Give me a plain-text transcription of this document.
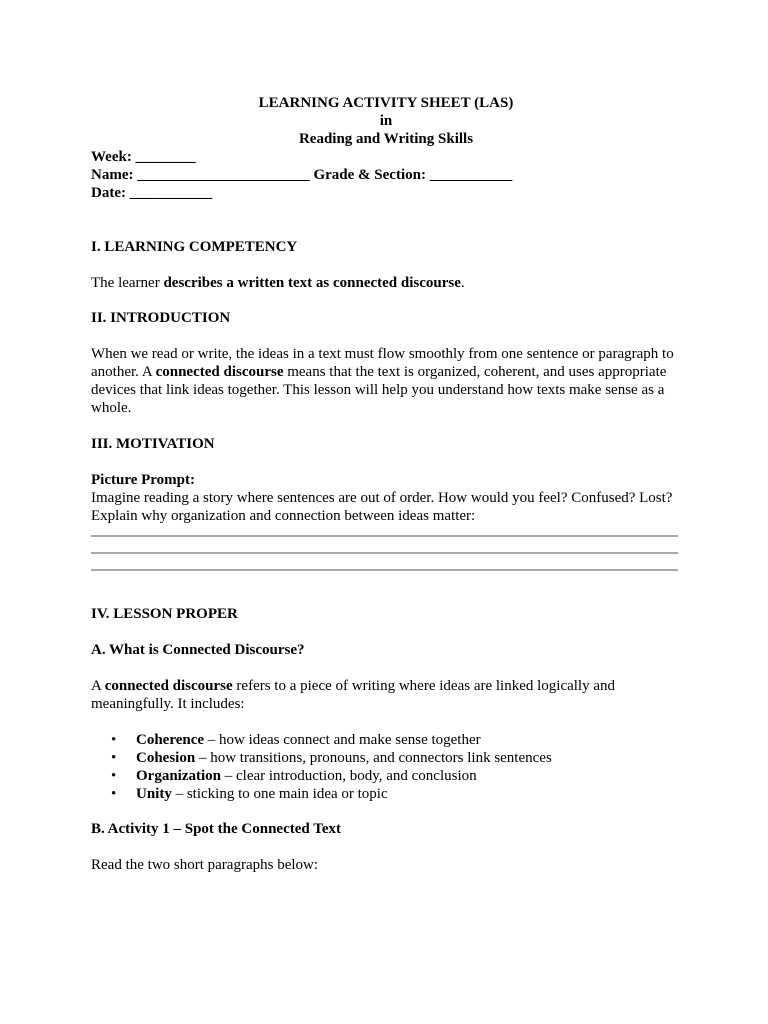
LEARNING ACTIVITY SHEET (LAS)
in
Reading and Writing Skills
Week: ________
Name: _______________________ Grade & Section: ___________
Date: ___________

I. LEARNING COMPETENCY

The learner describes a written text as connected discourse.

II. INTRODUCTION

When we read or write, the ideas in a text must flow smoothly from one sentence or paragraph to another. A connected discourse means that the text is organized, coherent, and uses appropriate devices that link ideas together. This lesson will help you understand how texts make sense as a whole.

III. MOTIVATION

Picture Prompt:

Imagine reading a story where sentences are out of order. How would you feel? Confused? Lost? Explain why organization and connection between ideas matter:

IV. LESSON PROPER

A. What is Connected Discourse?

A connected discourse refers to a piece of writing where ideas are linked logically and meaningfully. It includes:

• Coherence – how ideas connect and make sense together
• Cohesion – how transitions, pronouns, and connectors link sentences
• Organization – clear introduction, body, and conclusion
• Unity – sticking to one main idea or topic

B. Activity 1 – Spot the Connected Text

Read the two short paragraphs below:
